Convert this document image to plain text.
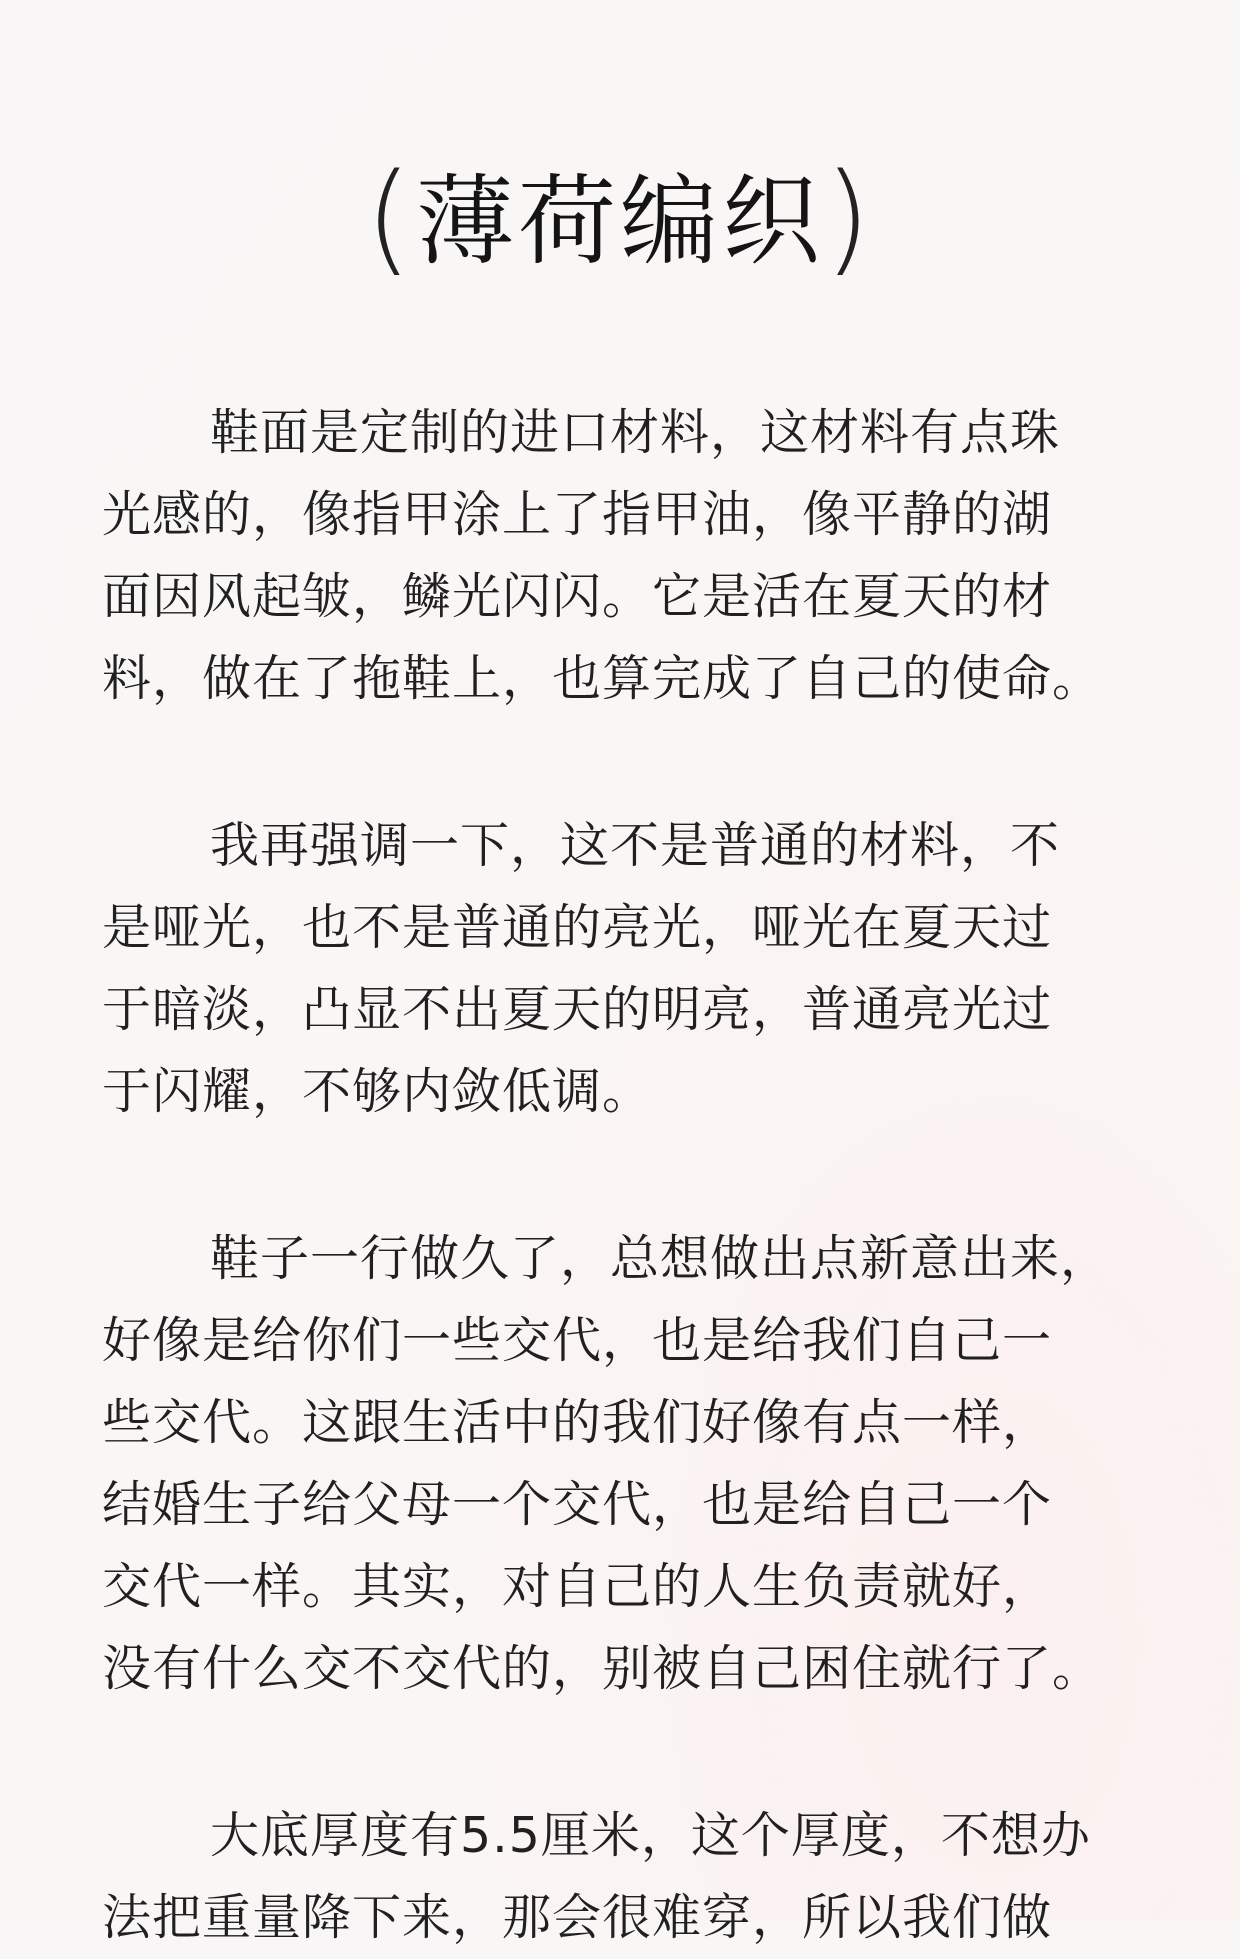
(薄荷编织)
鞋面是定制的进口材料，这材料有点珠
光感的，像指甲涂上了指甲油，像平静的湖
面因风起皱，鳞光闪闪。它是活在夏天的材
料，做在了拖鞋上，也算完成了自己的使命。
我再强调一下，这不是普通的材料，不
是哑光，也不是普通的亮光，哑光在夏天过
于暗淡，凸显不出夏天的明亮，普通亮光过
于闪耀，不够内敛低调。
鞋子一行做久了，总想做出点新意出来，
好像是给你们一些交代，也是给我们自己一
些交代。这跟生活中的我们好像有点一样，
结婚生子给父母一个交代，也是给自己一个
交代一样。其实，对自己的人生负责就好，
没有什么交不交代的，别被自己困住就行了。
大底厚度有5.5厘米，这个厚度，不想办
法把重量降下来，那会很难穿，所以我们做
